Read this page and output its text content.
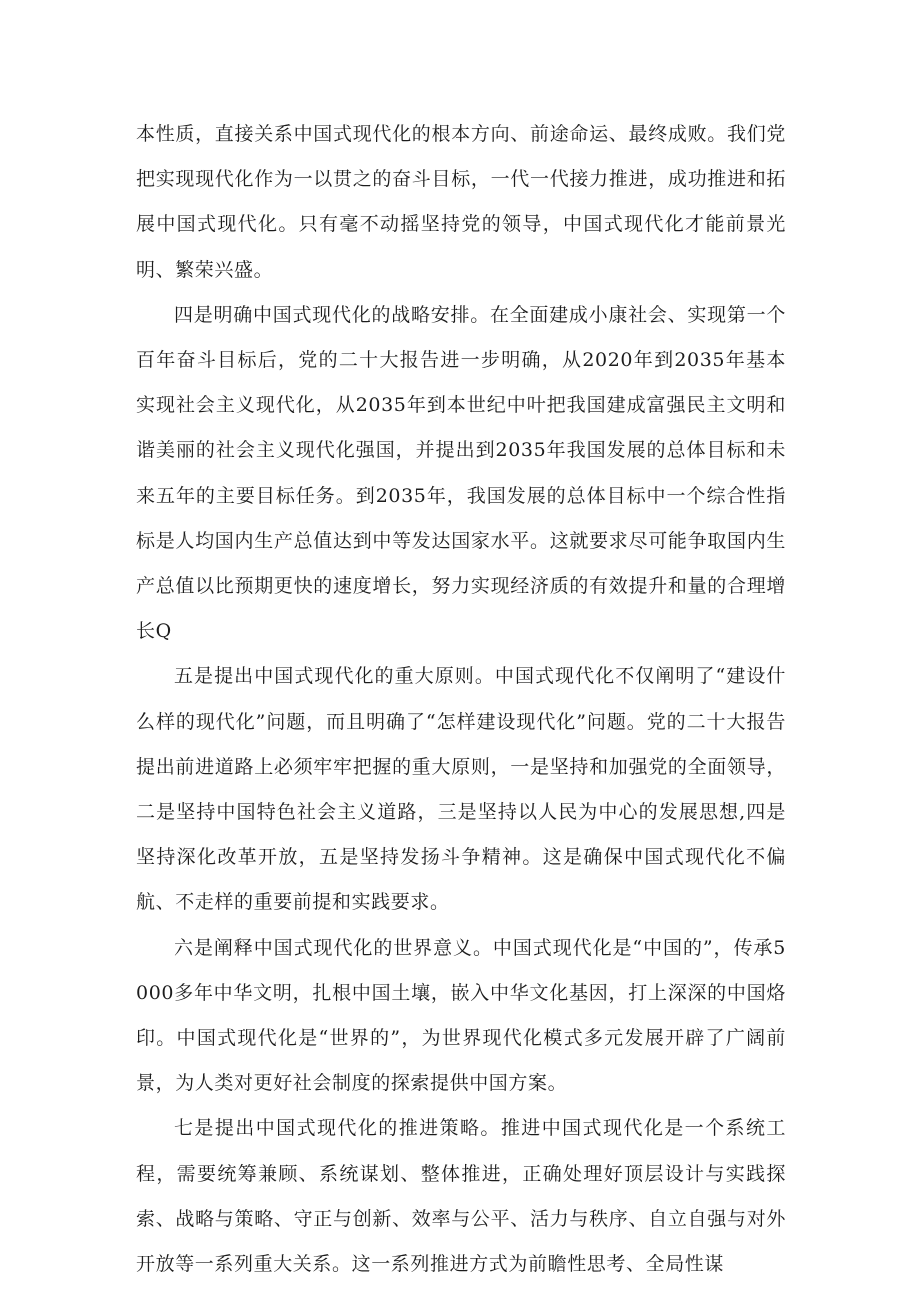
本性质，直接关系中国式现代化的根本方向、前途命运、最终成败。我们党把实现现代化作为一以贯之的奋斗目标，一代一代接力推进，成功推进和拓展中国式现代化。只有毫不动摇坚持党的领导，中国式现代化才能前景光明、繁荣兴盛。

四是明确中国式现代化的战略安排。在全面建成小康社会、实现第一个百年奋斗目标后，党的二十大报告进一步明确，从2020年到2035年基本实现社会主义现代化，从2035年到本世纪中叶把我国建成富强民主文明和谐美丽的社会主义现代化强国，并提出到2035年我国发展的总体目标和未来五年的主要目标任务。到2035年，我国发展的总体目标中一个综合性指标是人均国内生产总值达到中等发达国家水平。这就要求尽可能争取国内生产总值以比预期更快的速度增长，努力实现经济质的有效提升和量的合理增长Q

五是提出中国式现代化的重大原则。中国式现代化不仅阐明了“建设什么样的现代化”问题，而且明确了“怎样建设现代化”问题。党的二十大报告提出前进道路上必须牢牢把握的重大原则，一是坚持和加强党的全面领导，二是坚持中国特色社会主义道路，三是坚持以人民为中心的发展思想,四是坚持深化改革开放，五是坚持发扬斗争精神。这是确保中国式现代化不偏航、不走样的重要前提和实践要求。

六是阐释中国式现代化的世界意义。中国式现代化是“中国的”，传承5000多年中华文明，扎根中国土壤，嵌入中华文化基因，打上深深的中国烙印。中国式现代化是“世界的”，为世界现代化模式多元发展开辟了广阔前景，为人类对更好社会制度的探索提供中国方案。

七是提出中国式现代化的推进策略。推进中国式现代化是一个系统工程，需要统筹兼顾、系统谋划、整体推进，正确处理好顶层设计与实践探索、战略与策略、守正与创新、效率与公平、活力与秩序、自立自强与对外开放等一系列重大关系。这一系列推进方式为前瞻性思考、全局性谋
